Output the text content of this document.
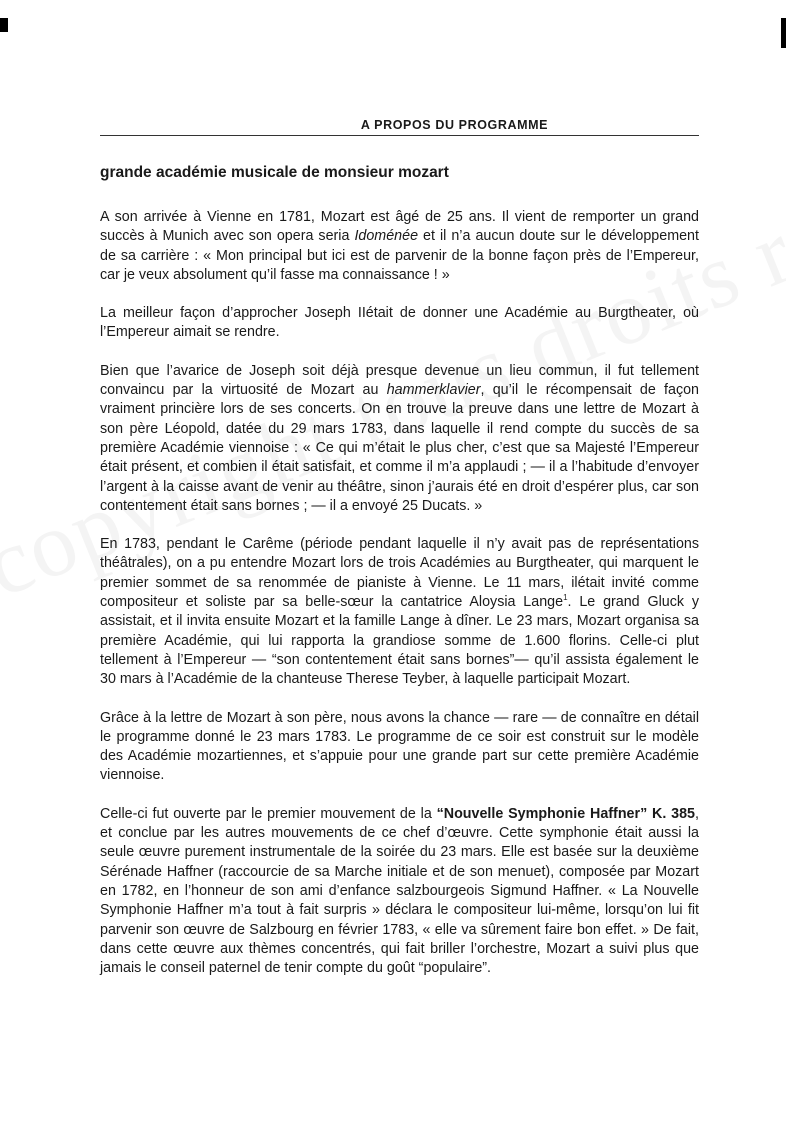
A PROPOS DU PROGRAMME
grande académie musicale de monsieur mozart

A son arrivée à Vienne en 1781, Mozart est âgé de 25 ans. Il vient de remporter un grand succès à Munich avec son opera seria Idoménée et il n’a aucun doute sur le développement de sa carrière : « Mon principal but ici est de parvenir de la bonne façon près de l’Empereur, car je veux absolument qu’il fasse ma connaissance ! »

La meilleur façon d’approcher Joseph IIétait de donner une Académie au Burgtheater, où l’Empereur aimait se rendre.

Bien que l’avarice de Joseph soit déjà presque devenue un lieu commun, il fut tellement convaincu par la virtuosité de Mozart au hammerklavier, qu’il le récompensait de façon vraiment princière lors de ses concerts. On en trouve la preuve dans une lettre de Mozart à son père Léopold, datée du 29 mars 1783, dans laquelle il rend compte du succès de sa première Académie viennoise : « Ce qui m’était le plus cher, c’est que sa Majesté l’Empereur était présent, et combien il était satisfait, et comme il m’a applaudi ; — il a l’habitude d’envoyer l’argent à la caisse avant de venir au théâtre, sinon j’aurais été en droit d’espérer plus, car son contentement était sans bornes ; — il a envoyé 25 Ducats. »

En 1783, pendant le Carême (période pendant laquelle il n’y avait pas de représentations théâtrales), on a pu entendre Mozart lors de trois Académies au Burgtheater, qui marquent le premier sommet de sa renommée de pianiste à Vienne. Le 11 mars, ilétait invité comme compositeur et soliste par sa belle-sœur la cantatrice Aloysia Lange$^1$. Le grand Gluck y assistait, et il invita ensuite Mozart et la famille Lange à dîner. Le 23 mars, Mozart organisa sa première Académie, qui lui rapporta la grandiose somme de 1.600 florins. Celle-ci plut tellement à l’Empereur — “son contentement était sans bornes”— qu’il assista également le 30 mars à l’Académie de la chanteuse Therese Teyber, à laquelle participait Mozart.

Grâce à la lettre de Mozart à son père, nous avons la chance — rare — de connaître en détail le programme donné le 23 mars 1783. Le programme de ce soir est construit sur le modèle des Académie mozartiennes, et s’appuie pour une grande part sur cette première Académie viennoise.

Celle-ci fut ouverte par le premier mouvement de la “Nouvelle Symphonie Haffner” K. 385, et conclue par les autres mouvements de ce chef d’œuvre. Cette symphonie était aussi la seule œuvre purement instrumentale de la soirée du 23 mars. Elle est basée sur la deuxième Sérénade Haffner (raccourcie de sa Marche initiale et de son menuet), composée par Mozart en 1782, en l’honneur de son ami d’enfance salzbourgeois Sigmund Haffner. « La Nouvelle Symphonie Haffner m’a tout à fait surpris » déclara le compositeur lui-même, lorsqu’on lui fit parvenir son œuvre de Salzbourg en février 1783, « elle va sûrement faire bon effet. » De fait, dans cette œuvre aux thèmes concentrés, qui fait briller l’orchestre, Mozart a suivi plus que jamais le conseil paternel de tenir compte du goût “populaire”.
